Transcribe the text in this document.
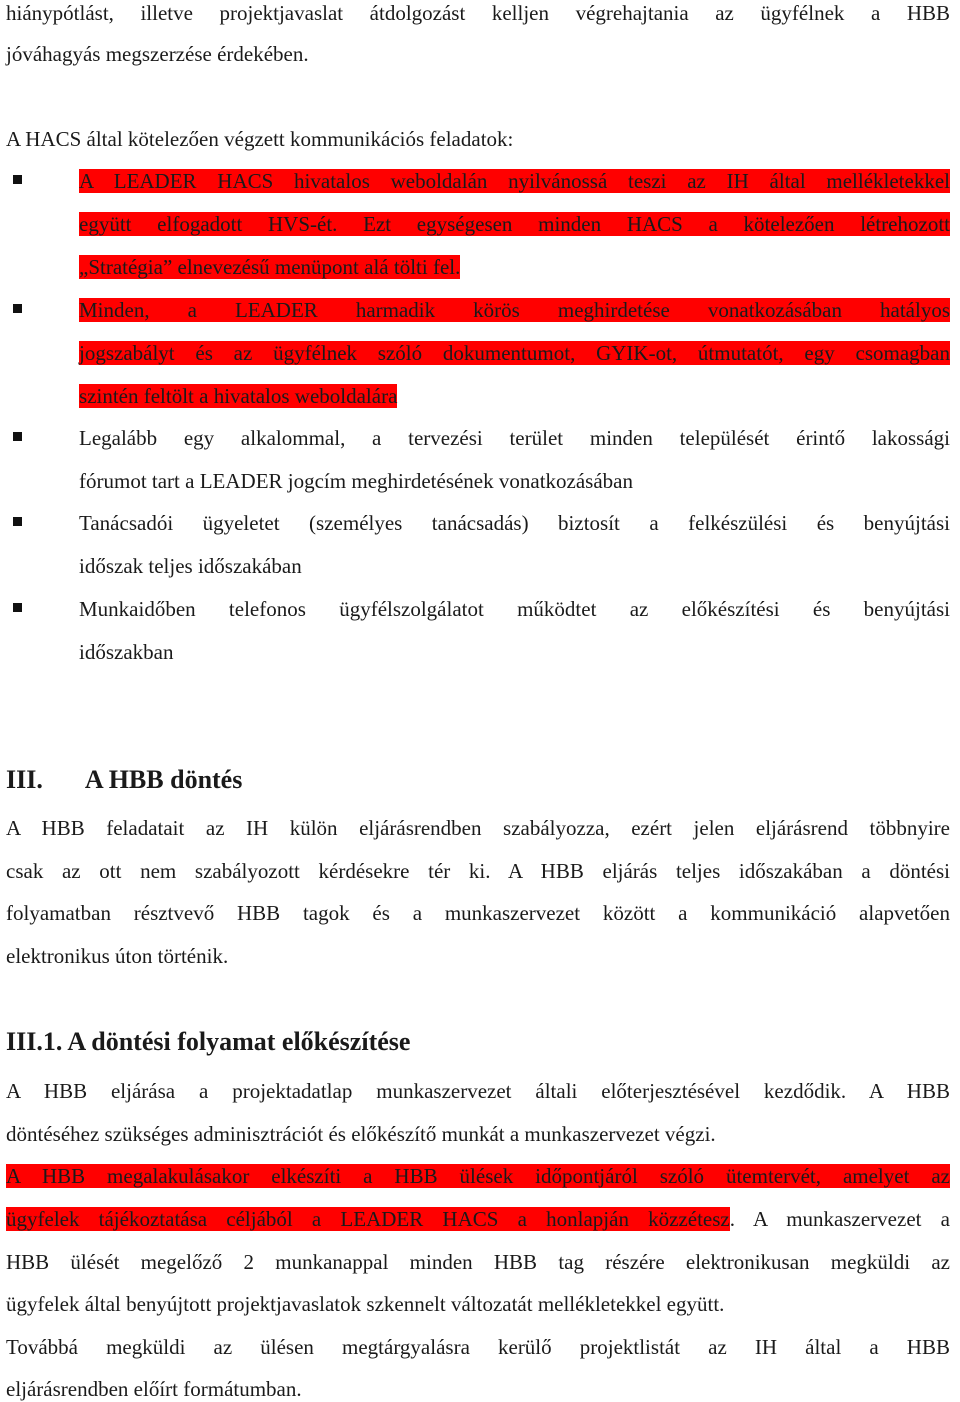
hiánypótlást, illetve projektjavaslat átdolgozást kelljen végrehajtania az ügyfélnek a HBB
jóváhagyás megszerzése érdekében.
A HACS által kötelezően végzett kommunikációs feladatok:
A LEADER HACS hivatalos weboldalán nyilvánossá teszi az IH által mellékletekkel
együtt elfogadott HVS-ét. Ezt egységesen minden HACS a kötelezően létrehozott
„Stratégia” elnevezésű menüpont alá tölti fel.
Minden, a LEADER harmadik körös meghirdetése vonatkozásában hatályos
jogszabályt és az ügyfélnek szóló dokumentumot, GYIK-ot, útmutatót, egy csomagban
szintén feltölt a hivatalos weboldalára
Legalább egy alkalommal, a tervezési terület minden települését érintő lakossági
fórumot tart a LEADER jogcím meghirdetésének vonatkozásában
Tanácsadói ügyeletet (személyes tanácsadás) biztosít a felkészülési és benyújtási
időszak teljes időszakában
Munkaidőben telefonos ügyfélszolgálatot működtet az előkészítési és benyújtási
időszakban
III. A HBB döntés
A HBB feladatait az IH külön eljárásrendben szabályozza, ezért jelen eljárásrend többnyire
csak az ott nem szabályozott kérdésekre tér ki. A HBB eljárás teljes időszakában a döntési
folyamatban résztvevő HBB tagok és a munkaszervezet között a kommunikáció alapvetően
elektronikus úton történik.
III.1. A döntési folyamat előkészítése
A HBB eljárása a projektadatlap munkaszervezet általi előterjesztésével kezdődik. A HBB
döntéséhez szükséges adminisztrációt és előkészítő munkát a munkaszervezet végzi.
A HBB megalakulásakor elkészíti a HBB ülések időpontjáról szóló ütemtervét, amelyet az
ügyfelek tájékoztatása céljából a LEADER HACS a honlapján közzétesz. A munkaszervezet a
HBB ülését megelőző 2 munkanappal minden HBB tag részére elektronikusan megküldi az
ügyfelek által benyújtott projektjavaslatok szkennelt változatát mellékletekkel együtt.
Továbbá megküldi az ülésen megtárgyalásra kerülő projektlistát az IH által a HBB
eljárásrendben előírt formátumban.
